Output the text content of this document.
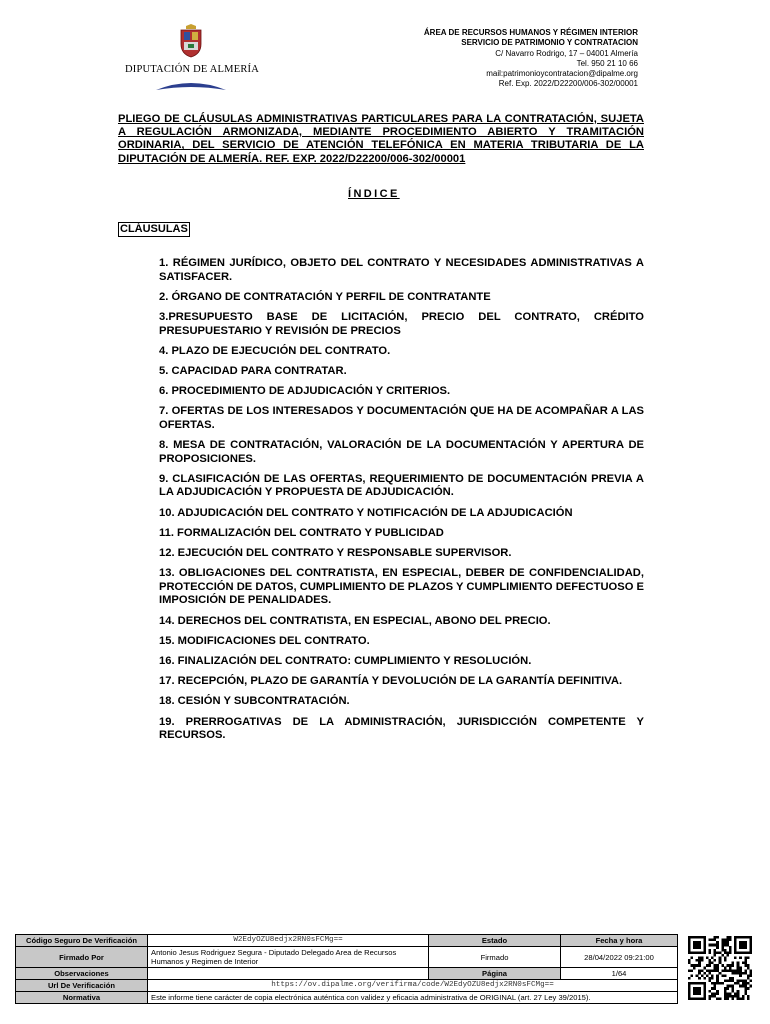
DIPUTACIÓN DE ALMERÍA
ÁREA DE RECURSOS HUMANOS Y RÉGIMEN INTERIOR
SERVICIO DE PATRIMONIO Y CONTRATACION
C/ Navarro Rodrigo, 17 – 04001 Almería
Tel. 950 21 10 66
mail:patrimonioycontratacion@dipalme.org
Ref. Exp. 2022/D22200/006-302/00001
PLIEGO DE CLÁUSULAS ADMINISTRATIVAS PARTICULARES PARA LA CONTRATACIÓN, SUJETA A REGULACIÓN ARMONIZADA, MEDIANTE PROCEDIMIENTO ABIERTO Y TRAMITACIÓN ORDINARIA, DEL SERVICIO DE ATENCIÓN TELEFÓNICA EN MATERIA TRIBUTARIA DE LA DIPUTACIÓN DE ALMERÍA. REF. EXP. 2022/D22200/006-302/00001
ÍNDICE
CLÁUSULAS
1. RÉGIMEN JURÍDICO, OBJETO DEL CONTRATO Y NECESIDADES ADMINISTRATIVAS A SATISFACER.
2. ÓRGANO DE CONTRATACIÓN Y PERFIL DE CONTRATANTE
3.PRESUPUESTO BASE DE LICITACIÓN, PRECIO DEL CONTRATO, CRÉDITO PRESUPUESTARIO Y REVISIÓN DE PRECIOS
4. PLAZO DE EJECUCIÓN DEL CONTRATO.
5. CAPACIDAD PARA CONTRATAR.
6. PROCEDIMIENTO DE ADJUDICACIÓN Y CRITERIOS.
7. OFERTAS DE LOS INTERESADOS Y DOCUMENTACIÓN QUE HA DE ACOMPAÑAR A LAS OFERTAS.
8. MESA DE CONTRATACIÓN, VALORACIÓN DE LA DOCUMENTACIÓN Y APERTURA DE PROPOSICIONES.
9. CLASIFICACIÓN DE LAS OFERTAS, REQUERIMIENTO DE DOCUMENTACIÓN PREVIA A LA ADJUDICACIÓN Y PROPUESTA DE ADJUDICACIÓN.
10. ADJUDICACIÓN DEL CONTRATO Y NOTIFICACIÓN DE LA ADJUDICACIÓN
11. FORMALIZACIÓN DEL CONTRATO Y PUBLICIDAD
12. EJECUCIÓN DEL CONTRATO Y RESPONSABLE SUPERVISOR.
13. OBLIGACIONES DEL CONTRATISTA, EN ESPECIAL, DEBER DE CONFIDENCIALIDAD, PROTECCIÓN DE DATOS, CUMPLIMIENTO DE PLAZOS Y CUMPLIMIENTO DEFECTUOSO E IMPOSICIÓN DE PENALIDADES.
14. DERECHOS DEL CONTRATISTA, EN ESPECIAL, ABONO DEL PRECIO.
15. MODIFICACIONES DEL CONTRATO.
16. FINALIZACIÓN DEL CONTRATO: CUMPLIMIENTO Y RESOLUCIÓN.
17. RECEPCIÓN, PLAZO DE GARANTÍA Y DEVOLUCIÓN DE LA GARANTÍA DEFINITIVA.
18. CESIÓN Y SUBCONTRATACIÓN.
19. PRERROGATIVAS DE LA ADMINISTRACIÓN, JURISDICCIÓN COMPETENTE Y RECURSOS.
Código Seguro De Verificación	W2EdyOZU8edjx2RN0sFCMg==	Estado	Fecha y hora
Firmado Por	Antonio Jesus Rodriguez Segura - Diputado Delegado Area de Recursos Humanos y Regimen de Interior	Firmado	28/04/2022 09:21:00
Observaciones		Página	1/64
Url De Verificación	https://ov.dipalme.org/verifirma/code/W2EdyOZU8edjx2RN0sFCMg==		
Normativa	Este informe tiene carácter de copia electrónica auténtica con validez y eficacia administrativa de ORIGINAL (art. 27 Ley 39/2015).		
